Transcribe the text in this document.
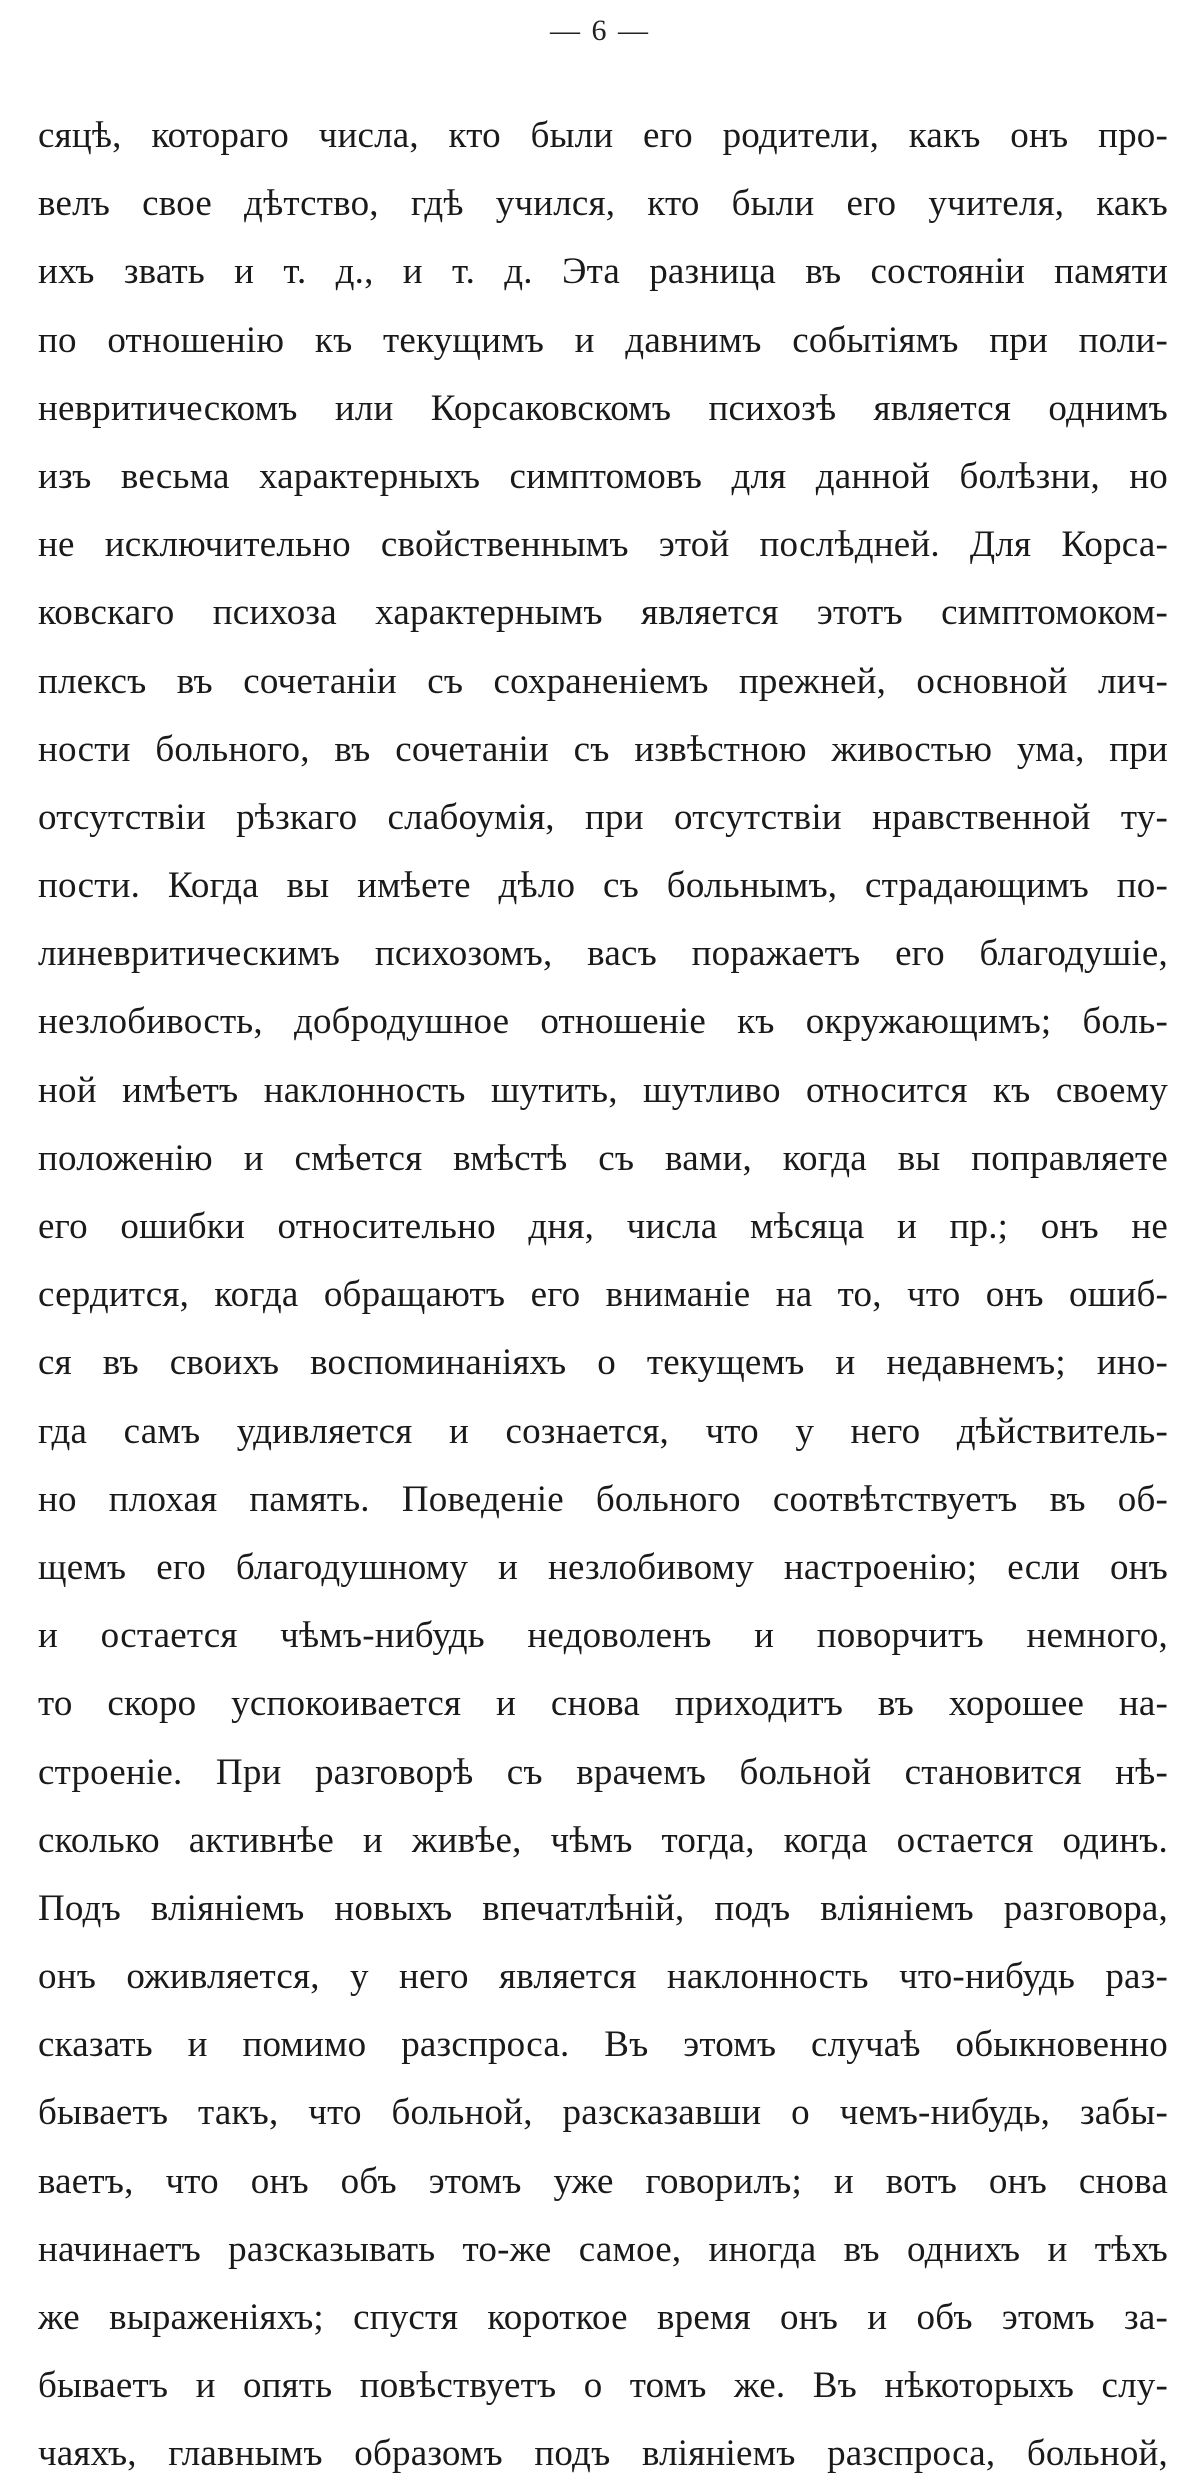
— 6 —
сяцѣ, котораго числа, кто были его родители, какъ онъ про-
велъ свое дѣтство, гдѣ учился, кто были его учителя, какъ
ихъ звать и т. д., и т. д. Эта разница въ состояніи памяти
по отношенію къ текущимъ и давнимъ событіямъ при поли-
невритическомъ или Корсаковскомъ психозѣ является однимъ
изъ весьма характерныхъ симптомовъ для данной болѣзни, но
не исключительно свойственнымъ этой послѣдней. Для Корса-
ковскаго психоза характернымъ является этотъ симптомоком-
плексъ въ сочетаніи съ сохраненіемъ прежней, основной лич-
ности больного, въ сочетаніи съ извѣстною живостью ума, при
отсутствіи рѣзкаго слабоумія, при отсутствіи нравственной ту-
пости. Когда вы имѣете дѣло съ больнымъ, страдающимъ по-
линевритическимъ психозомъ, васъ поражаетъ его благодушіе,
незлобивость, добродушное отношеніе къ окружающимъ; боль-
ной имѣетъ наклонность шутить, шутливо относится къ своему
положенію и смѣется вмѣстѣ съ вами, когда вы поправляете
его ошибки относительно дня, числа мѣсяца и пр.; онъ не
сердится, когда обращаютъ его вниманіе на то, что онъ ошиб-
ся въ своихъ воспоминаніяхъ о текущемъ и недавнемъ; ино-
гда самъ удивляется и сознается, что у него дѣйствитель-
но плохая память. Поведеніе больного соотвѣтствуетъ въ об-
щемъ его благодушному и незлобивому настроенію; если онъ
и остается чѣмъ-нибудь недоволенъ и поворчитъ немного,
то скоро успокоивается и снова приходитъ въ хорошее на-
строеніе. При разговорѣ съ врачемъ больной становится нѣ-
сколько активнѣе и живѣе, чѣмъ тогда, когда остается одинъ.
Подъ вліяніемъ новыхъ впечатлѣній, подъ вліяніемъ разговора,
онъ оживляется, у него является наклонность что-нибудь раз-
сказать и помимо разспроса. Въ этомъ случаѣ обыкновенно
бываетъ такъ, что больной, разсказавши о чемъ-нибудь, забы-
ваетъ, что онъ объ этомъ уже говорилъ; и вотъ онъ снова
начинаетъ разсказывать то-же самое, иногда въ однихъ и тѣхъ
же выраженіяхъ; спустя короткое время онъ и объ этомъ за-
бываетъ и опять повѣствуетъ о томъ же. Въ нѣкоторыхъ слу-
чаяхъ, главнымъ образомъ подъ вліяніемъ разспроса, больной,
